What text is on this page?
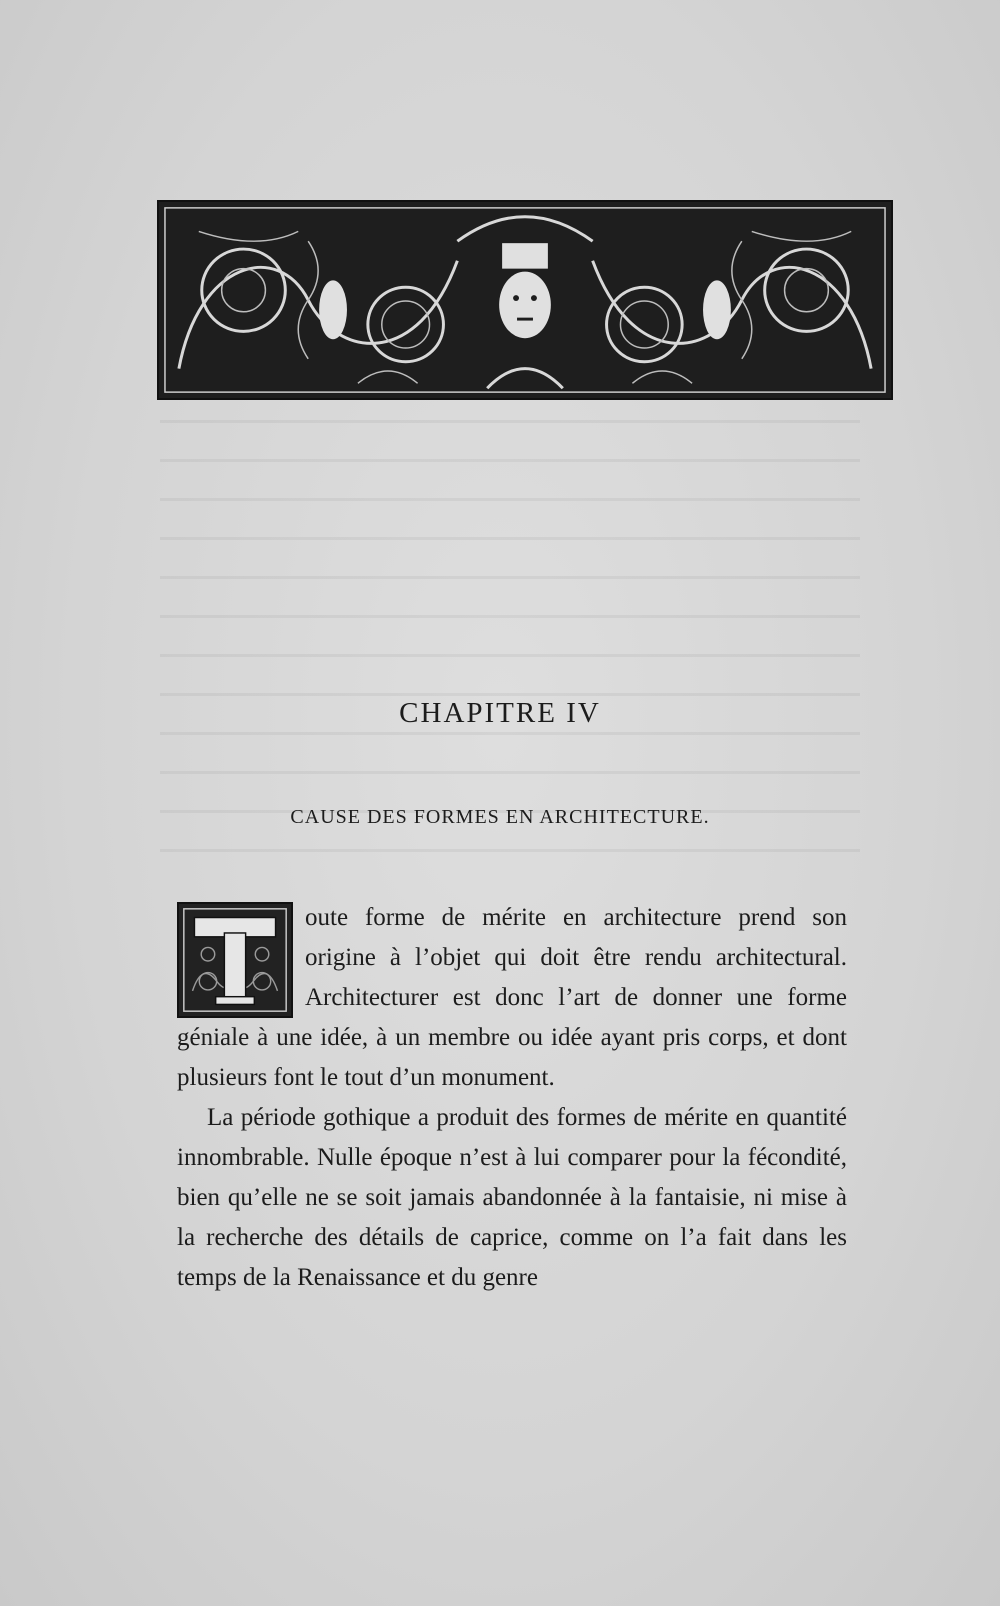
CHAPITRE IV
CAUSE DES FORMES EN ARCHITECTURE.

oute forme de mérite en architecture prend son origine à l’objet qui doit être rendu architectural. Architecturer est donc l’art de donner une forme géniale à une idée, à un membre ou idée ayant pris corps, et dont plusieurs font le tout d’un monument.

La période gothique a produit des formes de mérite en quantité innombrable. Nulle époque n’est à lui comparer pour la fécondité, bien qu’elle ne se soit jamais abandonnée à la fantaisie, ni mise à la recherche des détails de caprice, comme on l’a fait dans les temps de la Renaissance et du genre
